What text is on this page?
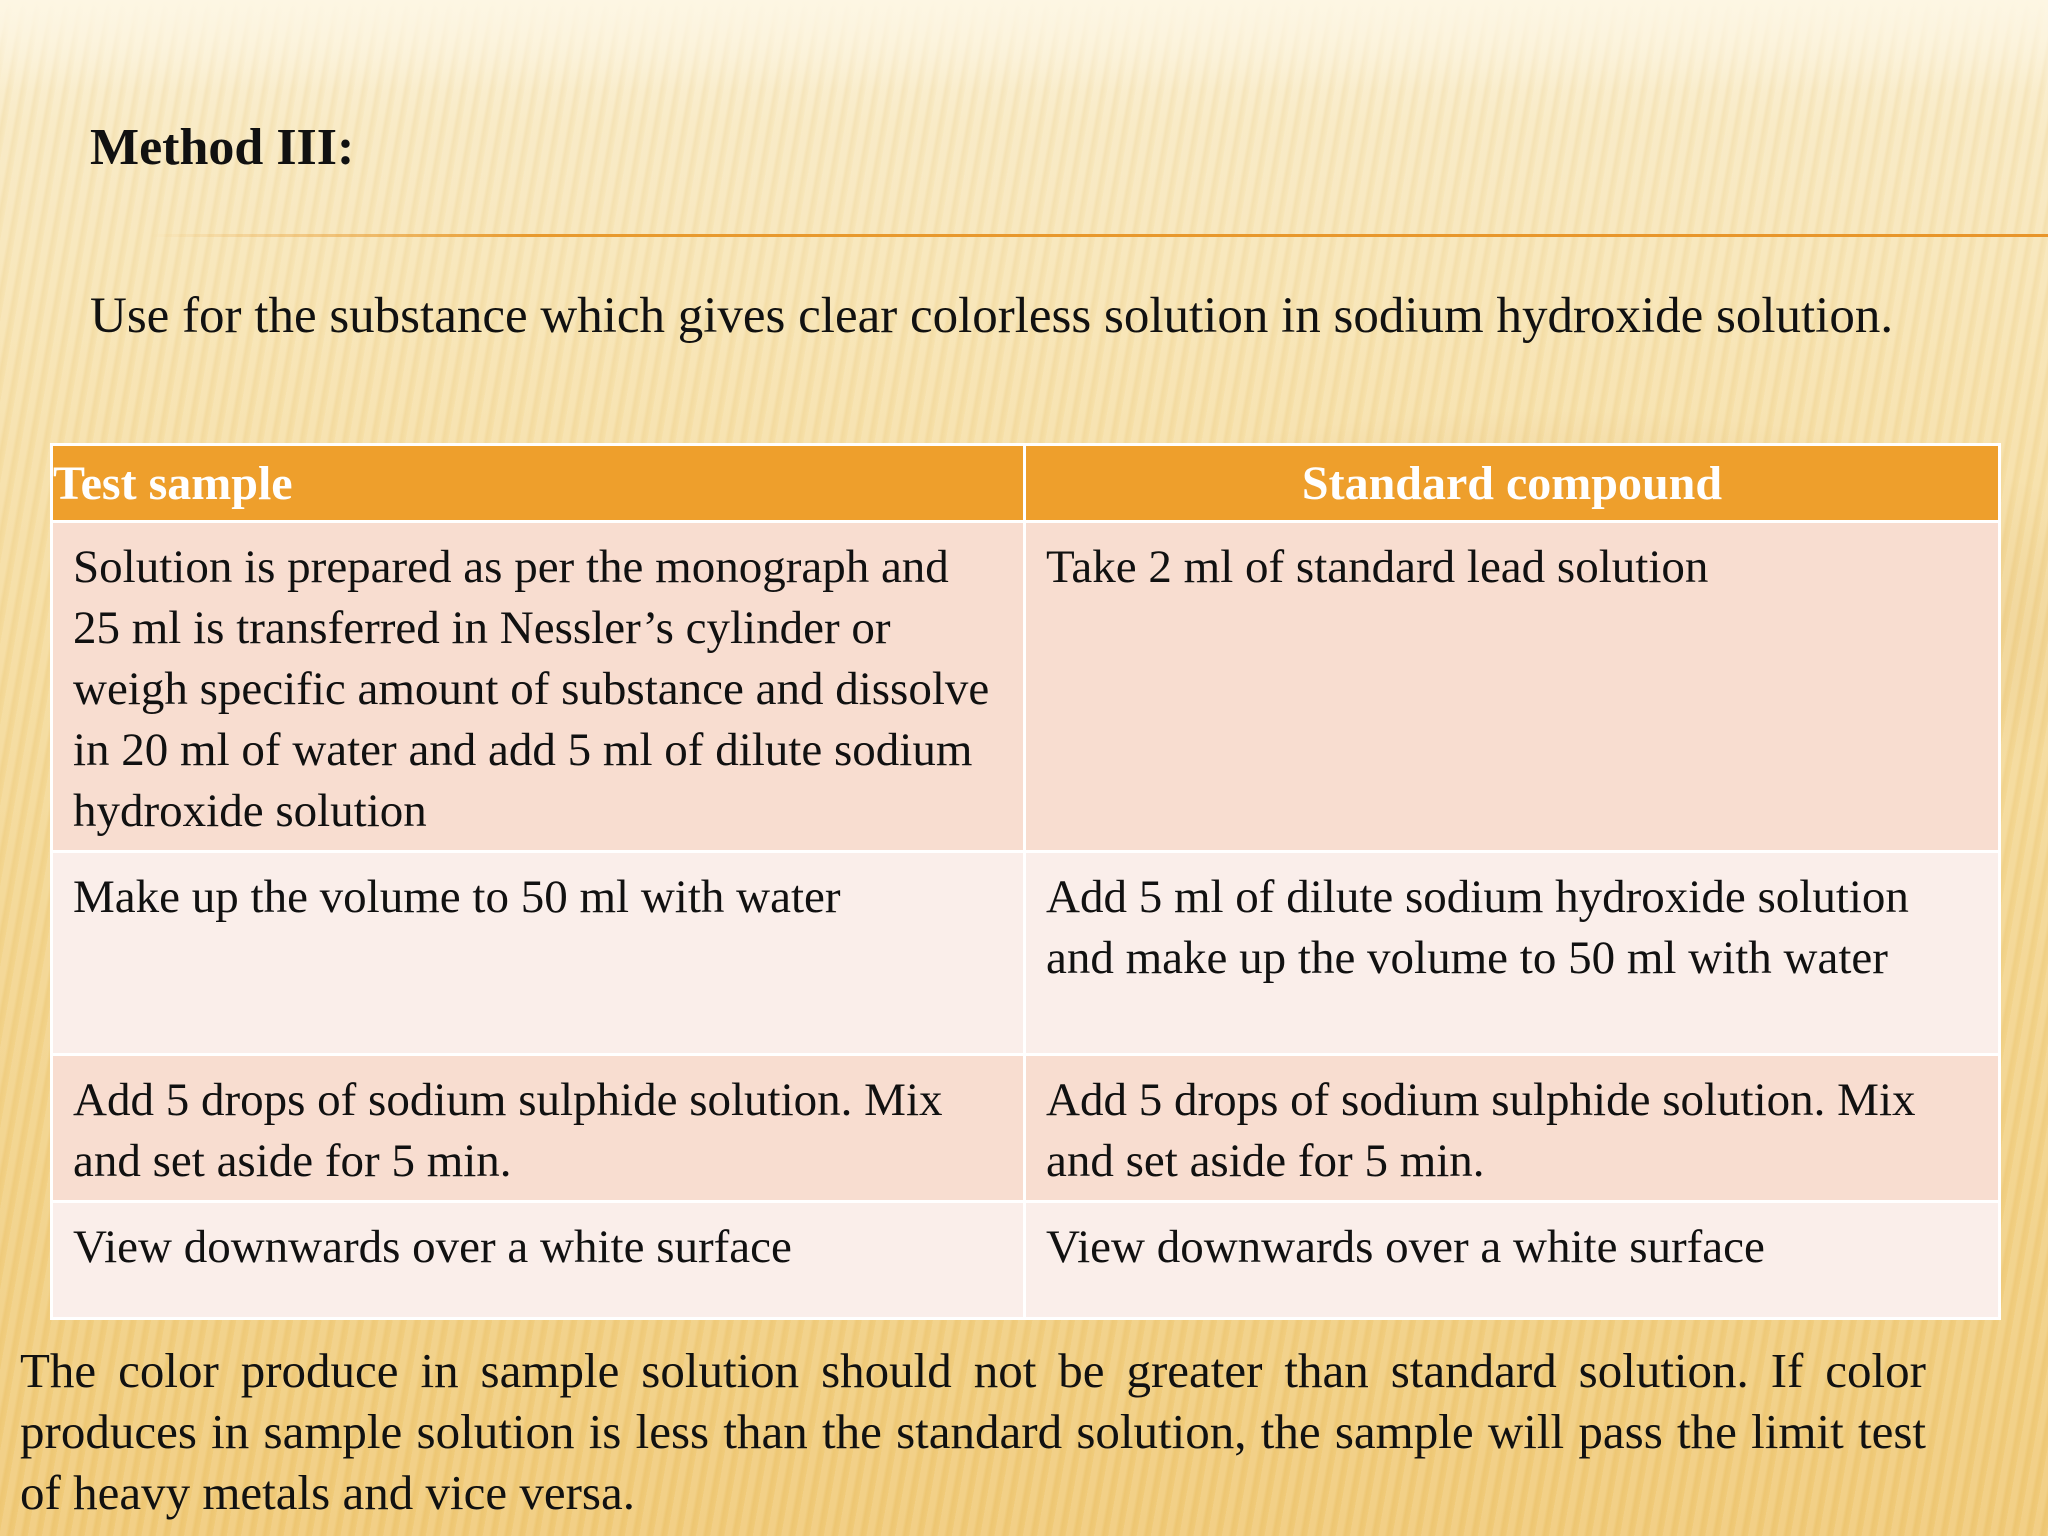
Method III:

Use for the substance which gives clear colorless solution in sodium hydroxide solution.

Test sample	Standard compound
Solution is prepared as per the monograph and 25 ml is transferred in Nessler’s cylinder or weigh specific amount of substance and dissolve in 20 ml of water and add 5 ml of dilute sodium hydroxide solution	Take 2 ml of standard lead solution
Make up the volume to 50 ml with water	Add 5 ml of dilute sodium hydroxide solution and make up the volume to 50 ml with water
Add 5 drops of sodium sulphide solution. Mix and set aside for 5 min.	Add 5 drops of sodium sulphide solution. Mix and set aside for 5 min.
View downwards over a white surface	View downwards over a white surface

The color produce in sample solution should not be greater than standard solution. If color produces in sample solution is less than the standard solution, the sample will pass the limit test of heavy metals and vice versa.
